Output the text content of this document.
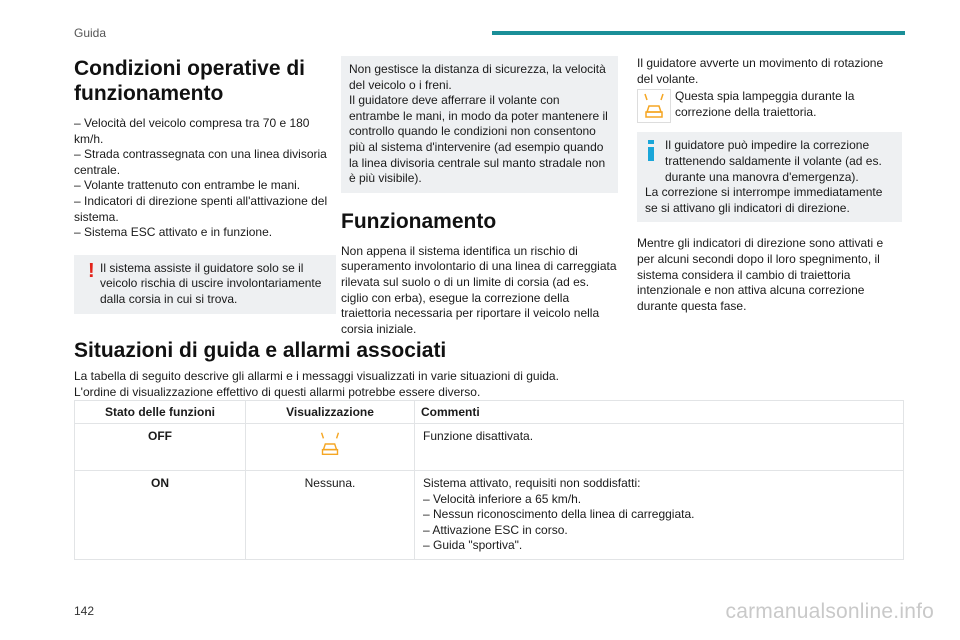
Guida
Condizioni operative di funzionamento

– Velocità del veicolo compresa tra 70 e 180 km/h.

– Strada contrassegnata con una linea divisoria centrale.

– Volante trattenuto con entrambe le mani.

– Indicatori di direzione spenti all'attivazione del sistema.

– Sistema ESC attivato e in funzione.

! Il sistema assiste il guidatore solo se il veicolo rischia di uscire involontariamente dalla corsia in cui si trova.

Non gestisce la distanza di sicurezza, la velocità del veicolo o i freni.

Il guidatore deve afferrare il volante con entrambe le mani, in modo da poter mantenere il controllo quando le condizioni non consentono più al sistema d'intervenire (ad esempio quando la linea divisoria centrale sul manto stradale non è più visibile).

Funzionamento

Non appena il sistema identifica un rischio di superamento involontario di una linea di carreggiata rilevata sul suolo o di un limite di corsia (ad es. ciglio con erba), esegue la correzione della traiettoria necessaria per riportare il veicolo nella corsia iniziale.

Il guidatore avverte un movimento di rotazione del volante.

Questa spia lampeggia durante la correzione della traiettoria.

Il guidatore può impedire la correzione trattenendo saldamente il volante (ad es. durante una manovra d'emergenza).

La correzione si interrompe immediatamente se si attivano gli indicatori di direzione.

Mentre gli indicatori di direzione sono attivati e per alcuni secondi dopo il loro spegnimento, il sistema considera il cambio di traiettoria intenzionale e non attiva alcuna correzione durante questa fase.

Situazioni di guida e allarmi associati

La tabella di seguito descrive gli allarmi e i messaggi visualizzati in varie situazioni di guida.

L'ordine di visualizzazione effettivo di questi allarmi potrebbe essere diverso.

Stato delle funzioni	Visualizzazione	Commenti
OFF		Funzione disattivata.

ON	Nessuna.	Sistema attivato, requisiti non soddisfatti:

– Velocità inferiore a 65 km/h.

– Nessun riconoscimento della linea di carreggiata.

– Attivazione ESC in corso.

– Guida "sportiva".

142	carmanualsonline.info
